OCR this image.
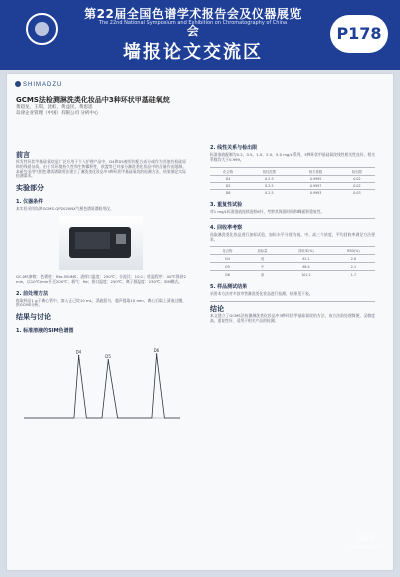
第22届全国色谱学术报告会及仪器展览会
The 22nd National Symposium and Exhibition on Chromatography of China
墙报论文交流区
P178
SHIMADZU
GCMS法检测淋洗类化妆品中3种环状甲基硅氧烷
黄超龙，王琪，沈虹，黄益民，黄思思
岛津企业管理（中国）有限公司 分析中心
前言
挥发性环状甲基硅氧烷是广泛应用于个人护理产品中，D4和D5被用作配方成分或作为其他有机硅原料的残留杂质。由于其环境持久性和生物累积性，欧盟等已对部分淋洗类化妆品中的含量作出限制。本研究采用气相色谱质谱联用法建立了淋洗类化妆品中3种环状甲基硅氧烷的检测方法，结果满足实际检测需求。
实验部分
1. 仪器条件
本实验采用岛津GCMS-QP2020NX气相色谱质谱联用仪。
GC-MS参数：色谱柱：Rtx-5SilMS；进样口温度：250℃；分流比：10:1；柱温程序：40℃保持2 min，以10℃/min升至200℃；载气：He；接口温度：250℃；离子源温度：230℃；SIM模式。
2. 前处理方法
称取样品1 g于离心管中，加入正己烷10 mL，涡旋混匀，超声提取10 min，离心后取上清液过膜，供GCMS分析。
结果与讨论
1. 标准溶液的SIM色谱图
D4
D5
D6
2. 线性关系与检出限
标准溶液配制为0.2、0.5、1.0、2.0、5.0 mg/L系列，3种环状甲基硅氧烷线性相关性良好，相关系数均大于0.999。
化合物	线性范围	相关系数	检出限
D4	0.2-5	0.9995	0.02
D5	0.2-5	0.9997	0.02
D6	0.2-5	0.9993	0.03
3. 重复性试验
对1 mg/L标准溶液连续进样6针，考察其保留时间和峰面积重复性。
4. 回收率考察
选取淋洗类化妆品进行加标试验，加标水平分别为低、中、高三个浓度，平均回收率满足方法要求。
化合物	加标量	回收率(%)	RSD(%)
D4	低	92.1	2.8
D5	中	98.4	2.1
D6	高	101.2	1.7
5. 样品测试结果
采用本方法对多款市售淋洗类化妆品进行检测，结果见下表。
结论
本文建立了GCMS法检测淋洗类化妆品中3种环状甲基硅氧烷的方法，该方法前处理简便，灵敏度高，重复性好，适用于相关产品的检测。
岛津
SHIMADZU
